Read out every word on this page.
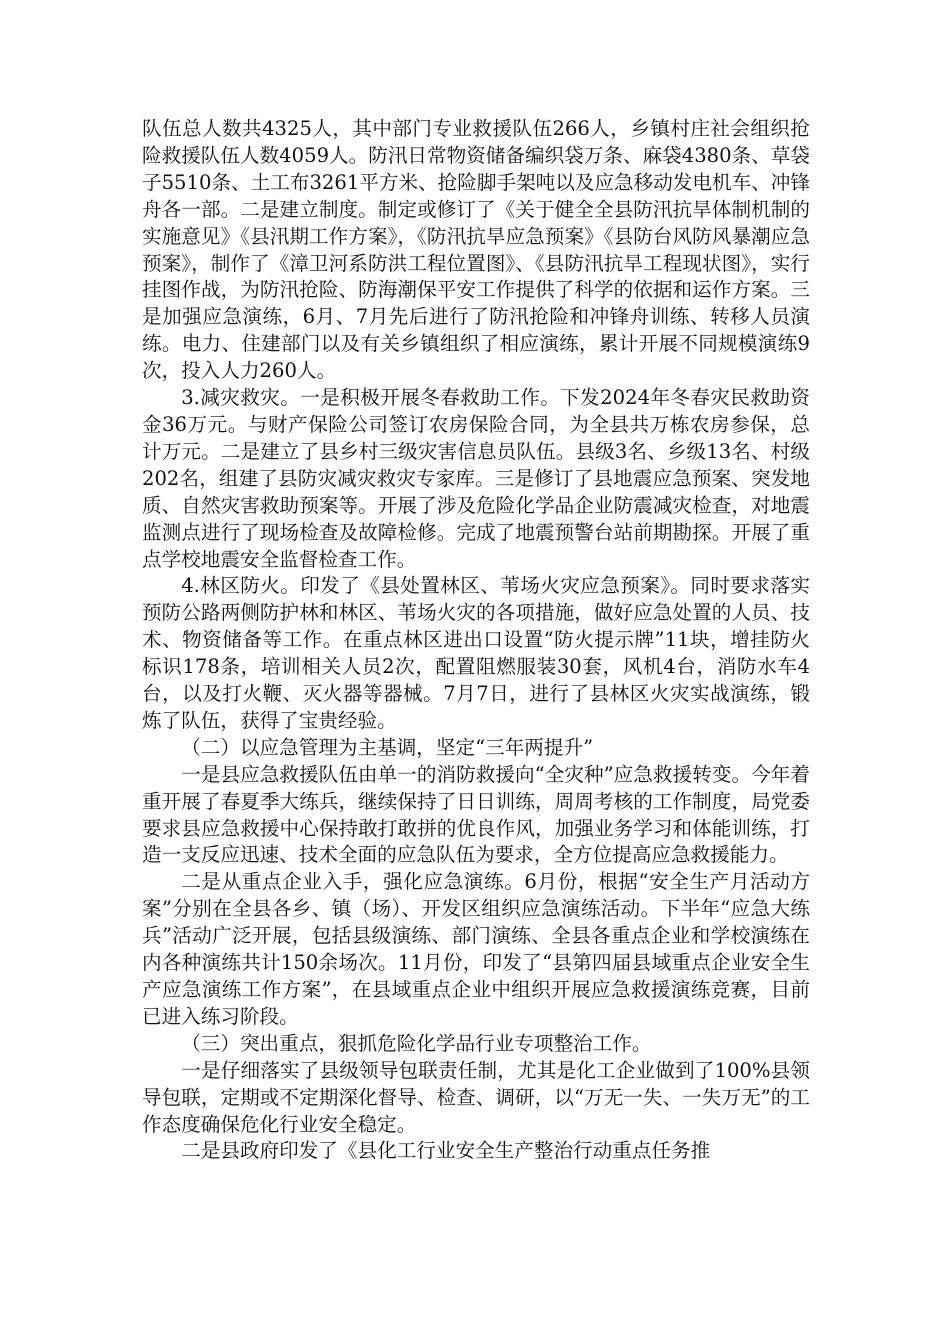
队伍总人数共4325人，其中部门专业救援队伍266人，乡镇村庄社会组织抢险救援队伍人数4059人。防汛日常物资储备编织袋万条、麻袋4380条、草袋子5510条、土工布3261平方米、抢险脚手架吨以及应急移动发电机车、冲锋舟各一部。二是建立制度。制定或修订了《关于健全全县防汛抗旱体制机制的实施意见》《县汛期工作方案》，《防汛抗旱应急预案》《县防台风防风暴潮应急预案》，制作了《漳卫河系防洪工程位置图》、《县防汛抗旱工程现状图》，实行挂图作战，为防汛抢险、防海潮保平安工作提供了科学的依据和运作方案。三是加强应急演练，6月、7月先后进行了防汛抢险和冲锋舟训练、转移人员演练。电力、住建部门以及有关乡镇组织了相应演练，累计开展不同规模演练9次，投入人力260人。

3.减灾救灾。一是积极开展冬春救助工作。下发2024年冬春灾民救助资金36万元。与财产保险公司签订农房保险合同，为全县共万栋农房参保，总计万元。二是建立了县乡村三级灾害信息员队伍。县级3名、乡级13名、村级202名，组建了县防灾减灾救灾专家库。三是修订了县地震应急预案、突发地质、自然灾害救助预案等。开展了涉及危险化学品企业防震减灾检查，对地震监测点进行了现场检查及故障检修。完成了地震预警台站前期勘探。开展了重点学校地震安全监督检查工作。

4.林区防火。印发了《县处置林区、苇场火灾应急预案》。同时要求落实预防公路两侧防护林和林区、苇场火灾的各项措施，做好应急处置的人员、技术、物资储备等工作。在重点林区进出口设置“防火提示牌”11块，增挂防火标识178条，培训相关人员2次，配置阻燃服装30套，风机4台，消防水车4台，以及打火鞭、灭火器等器械。7月7日，进行了县林区火灾实战演练，锻炼了队伍，获得了宝贵经验。

（二）以应急管理为主基调，坚定“三年两提升”

一是县应急救援队伍由单一的消防救援向“全灾种”应急救援转变。今年着重开展了春夏季大练兵，继续保持了日日训练，周周考核的工作制度，局党委要求县应急救援中心保持敢打敢拼的优良作风，加强业务学习和体能训练，打造一支反应迅速、技术全面的应急队伍为要求，全方位提高应急救援能力。

二是从重点企业入手，强化应急演练。6月份，根据“安全生产月活动方案”分别在全县各乡、镇（场）、开发区组织应急演练活动。下半年“应急大练兵”活动广泛开展，包括县级演练、部门演练、全县各重点企业和学校演练在内各种演练共计150余场次。11月份，印发了“县第四届县域重点企业安全生产应急演练工作方案”，在县域重点企业中组织开展应急救援演练竞赛，目前已进入练习阶段。

（三）突出重点，狠抓危险化学品行业专项整治工作。

一是仔细落实了县级领导包联责任制，尤其是化工企业做到了100%县领导包联，定期或不定期深化督导、检查、调研，以“万无一失、一失万无”的工作态度确保危化行业安全稳定。

二是县政府印发了《县化工行业安全生产整治行动重点任务推
